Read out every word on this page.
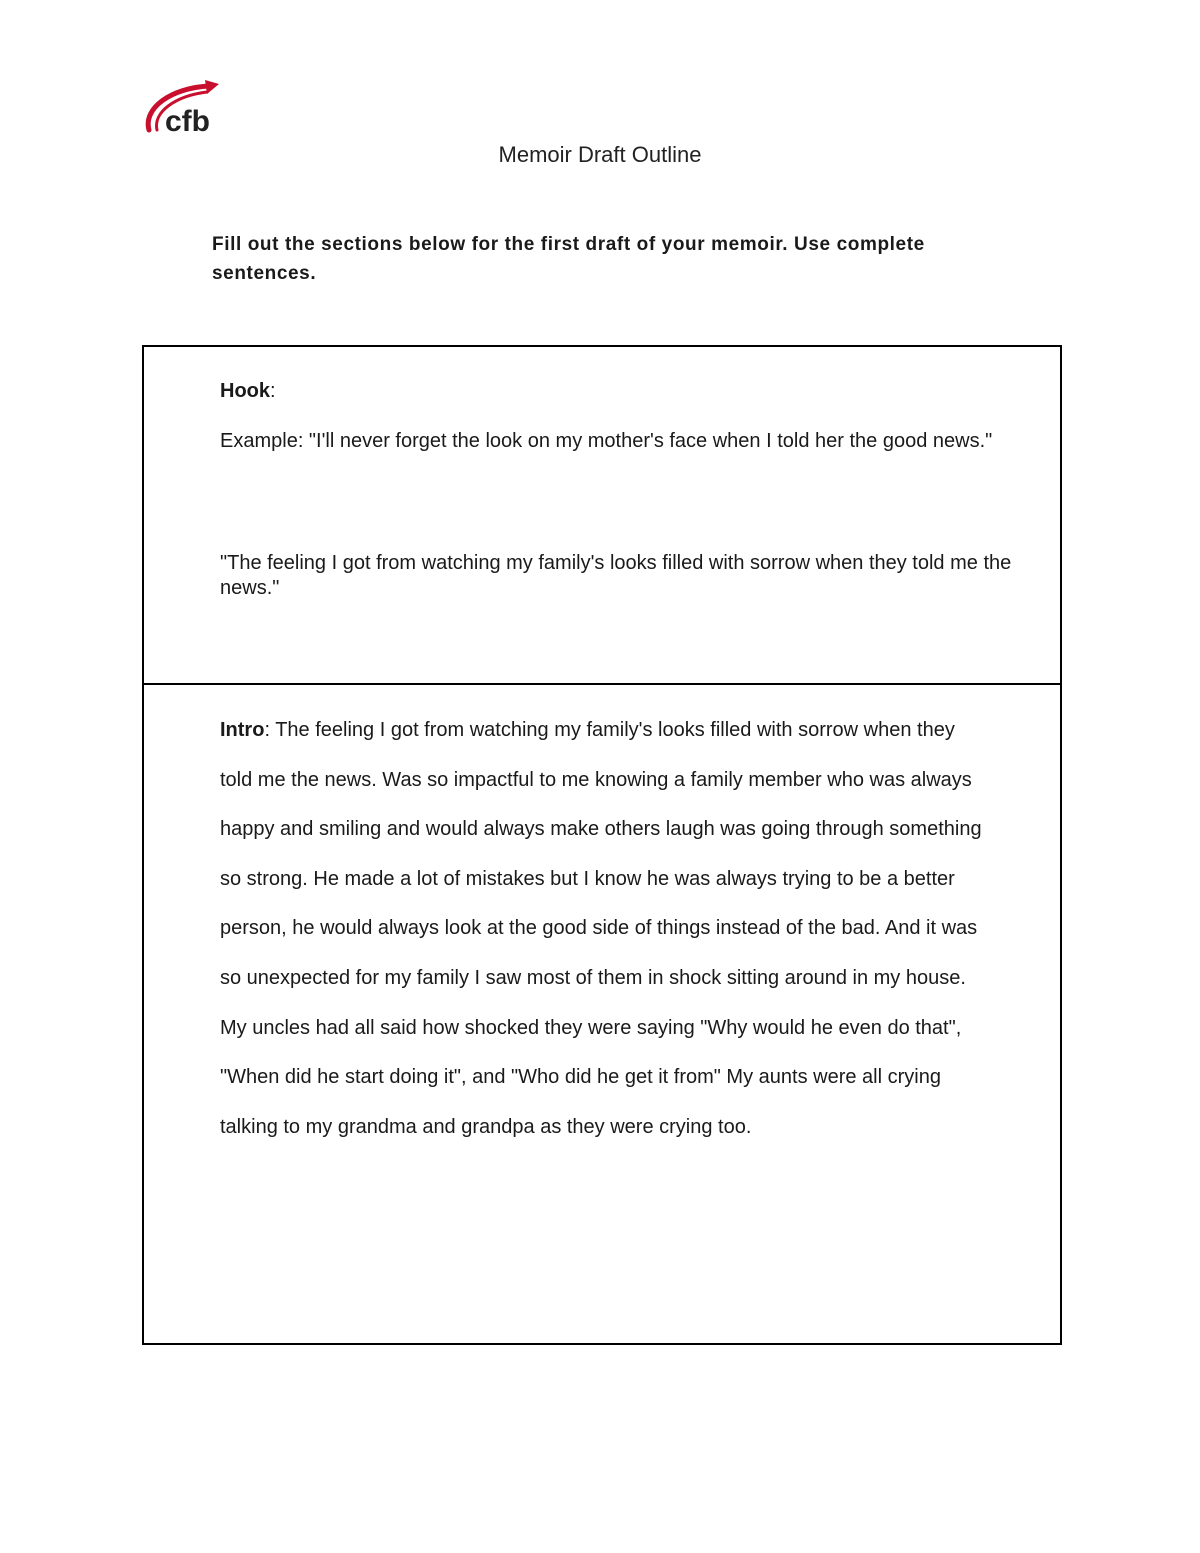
cfb
Memoir Draft Outline
Fill out the sections below for the first draft of your memoir. Use complete sentences.
Hook:
Example: "I'll never forget the look on my mother's face when I told her the good news."
"The feeling I got from watching my family's looks filled with sorrow when they told me the news."
Intro: The feeling I got from watching my family's looks filled with sorrow when they
told me the news. Was so impactful to me knowing a family member who was always
happy and smiling and would always make others laugh was going through something
so strong. He made a lot of mistakes but I know he was always trying to be a better
person, he would always look at the good side of things instead of the bad. And it was
so unexpected for my family I saw most of them in shock sitting around in my house.
My uncles had all said how shocked they were saying "Why would he even do that",
"When did he start doing it", and "Who did he get it from" My aunts were all crying
talking to my grandma and grandpa as they were crying too.
